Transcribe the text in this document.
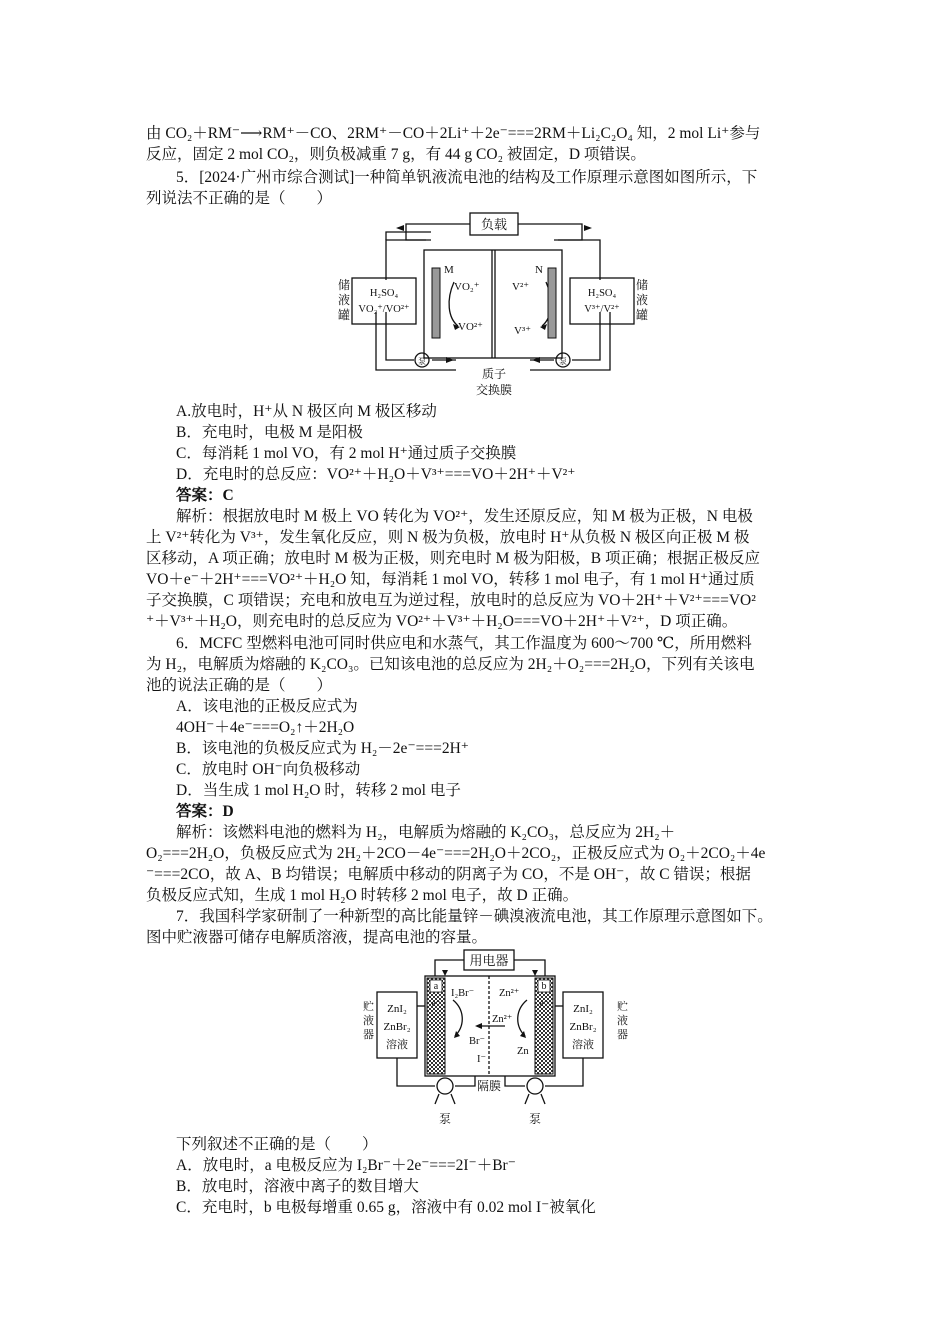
由 CO₂＋RM⁻⟶RM⁺－CO、2RM⁺－CO＋2Li⁺＋2e⁻===2RM＋Li₂C₂O₄ 知，2 mol Li⁺参与
反应，固定 2 mol CO₂，则负极减重 7 g，有 44 g CO₂ 被固定，D 项错误。
5．[2024·广州市综合测试]一种简单钒液流电池的结构及工作原理示意图如图所示，下
列说法不正确的是（　　）
负载
M	N
VO₂⁺
VO²⁺
V²⁺
V³⁺
H₂SO₄
VO₂⁺/VO²⁺
H₂SO₄
V³⁺/V²⁺
泵	泵
质子
交换膜
储
液
罐
储
液
罐
A.放电时，H⁺从 N 极区向 M 极区移动
B．充电时，电极 M 是阳极
C．每消耗 1 mol VO，有 2 mol H⁺通过质子交换膜
D．充电时的总反应：VO²⁺＋H₂O＋V³⁺===VO＋2H⁺＋V²⁺
答案：C
解析：根据放电时 M 极上 VO 转化为 VO²⁺，发生还原反应，知 M 极为正极，N 电极
上 V²⁺转化为 V³⁺，发生氧化反应，则 N 极为负极，放电时 H⁺从负极 N 极区向正极 M 极
区移动，A 项正确；放电时 M 极为正极，则充电时 M 极为阳极，B 项正确；根据正极反应
VO＋e⁻＋2H⁺===VO²⁺＋H₂O 知，每消耗 1 mol VO，转移 1 mol 电子，有 1 mol H⁺通过质
子交换膜，C 项错误；充电和放电互为逆过程，放电时的总反应为 VO＋2H⁺＋V²⁺===VO²
⁺＋V³⁺＋H₂O，则充电时的总反应为 VO²⁺＋V³⁺＋H₂O===VO＋2H⁺＋V²⁺，D 项正确。
6．MCFC 型燃料电池可同时供应电和水蒸气，其工作温度为 600～700 ℃，所用燃料
为 H₂，电解质为熔融的 K₂CO₃。已知该电池的总反应为 2H₂＋O₂===2H₂O，下列有关该电
池的说法正确的是（　　）
A．该电池的正极反应式为
4OH⁻＋4e⁻===O₂↑＋2H₂O
B．该电池的负极反应式为 H₂－2e⁻===2H⁺
C．放电时 OH⁻向负极移动
D．当生成 1 mol H₂O 时，转移 2 mol 电子
答案：D
解析：该燃料电池的燃料为 H₂，电解质为熔融的 K₂CO₃，总反应为 2H₂＋
O₂===2H₂O，负极反应式为 2H₂＋2CO－4e⁻===2H₂O＋2CO₂，正极反应式为 O₂＋2CO₂＋4e
⁻===2CO，故 A、B 均错误；电解质中移动的阴离子为 CO，不是 OH⁻，故 C 错误；根据
负极反应式知，生成 1 mol H₂O 时转移 2 mol 电子，故 D 正确。
7．我国科学家研制了一种新型的高比能量锌－碘溴液流电池，其工作原理示意图如下。
图中贮液器可储存电解质溶液，提高电池的容量。
用电器
a	b
e⁻	e⁻
I₂Br⁻
Br⁻
I⁻
Zn²⁺
Zn²⁺
Zn
ZnI₂
ZnBr₂
溶液
ZnI₂
ZnBr₂
溶液
隔膜
泵	泵
贮
液
器
贮
液
器
下列叙述不正确的是（　　）
A．放电时，a 电极反应为 I₂Br⁻＋2e⁻===2I⁻＋Br⁻
B．放电时，溶液中离子的数目增大
C．充电时，b 电极每增重 0.65 g，溶液中有 0.02 mol I⁻被氧化
